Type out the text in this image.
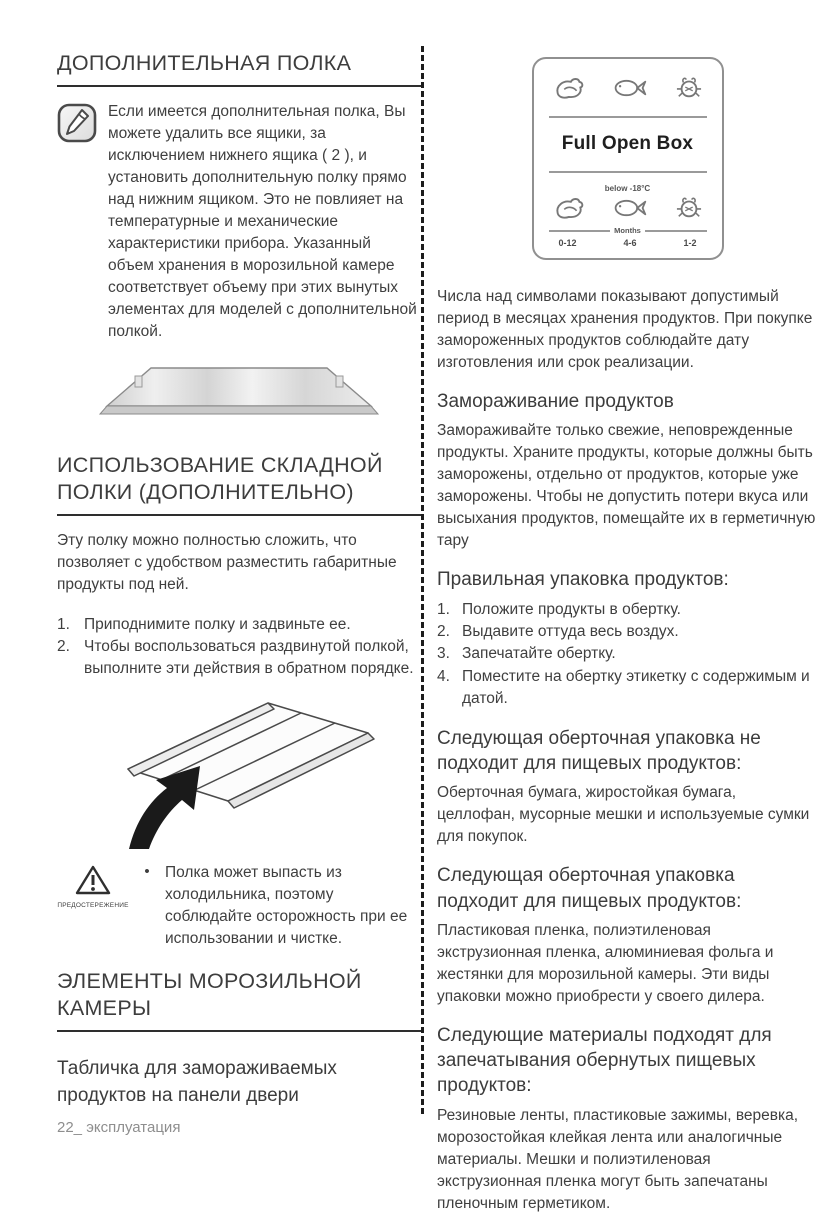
ДОПОЛНИТЕЛЬНАЯ ПОЛКА

Если имеется дополнительная полка, Вы можете удалить все ящики, за исключением нижнего ящика ( 2 ), и установить дополнительную полку прямо над нижним ящиком. Это не повлияет на температурные и механические характеристики прибора. Указанный объем хранения в морозильной камере соответствует объему при этих вынутых элементах для моделей с дополнительной полкой.

ИСПОЛЬЗОВАНИЕ СКЛАДНОЙ ПОЛКИ (ДОПОЛНИТЕЛЬНО)

Эту полку можно полностью сложить, что позволяет с удобством разместить габаритные продукты под ней.

1. Приподнимите полку и задвиньте ее.
2. Чтобы воспользоваться раздвинутой полкой, выполните эти действия в обратном порядке.
ПРЕДОСТЕРЕЖЕНИЕ
• Полка может выпасть из холодильника, поэтому соблюдайте осторожность при ее использовании и чистке.

ЭЛЕМЕНТЫ МОРОЗИЛЬНОЙ КАМЕРЫ
Табличка для замораживаемых продуктов на панели двери
Full Open Box
below -18°C
Months
0-12	4-6	1-2

Числа над символами показывают допустимый период в месяцах хранения продуктов. При покупке замороженных продуктов соблюдайте дату изготовления или срок реализации.

Замораживание продуктов

Замораживайте только свежие, неповрежденные продукты. Храните продукты, которые должны быть заморожены, отдельно от продуктов, которые уже заморожены. Чтобы не допустить потери вкуса или высыхания продуктов, помещайте их в герметичную тару

Правильная упаковка продуктов:
1. Положите продукты в обертку.
2. Выдавите оттуда весь воздух.
3. Запечатайте обертку.
4. Поместите на обертку этикетку с содержимым и датой.
Следующая оберточная упаковка не подходит для пищевых продуктов:

Оберточная бумага, жиростойкая бумага, целлофан, мусорные мешки и используемые сумки для покупок.

Следующая оберточная упаковка подходит для пищевых продуктов:

Пластиковая пленка, полиэтиленовая экструзионная пленка, алюминиевая фольга и жестянки для морозильной камеры. Эти виды упаковки можно приобрести у своего дилера.

Следующие материалы подходят для запечатывания обернутых пищевых продуктов:

Резиновые ленты, пластиковые зажимы, веревка, морозостойкая клейкая лента или аналогичные материалы. Мешки и полиэтиленовая экструзионная пленка могут быть запечатаны пленочным герметиком.

22_ эксплуатация
